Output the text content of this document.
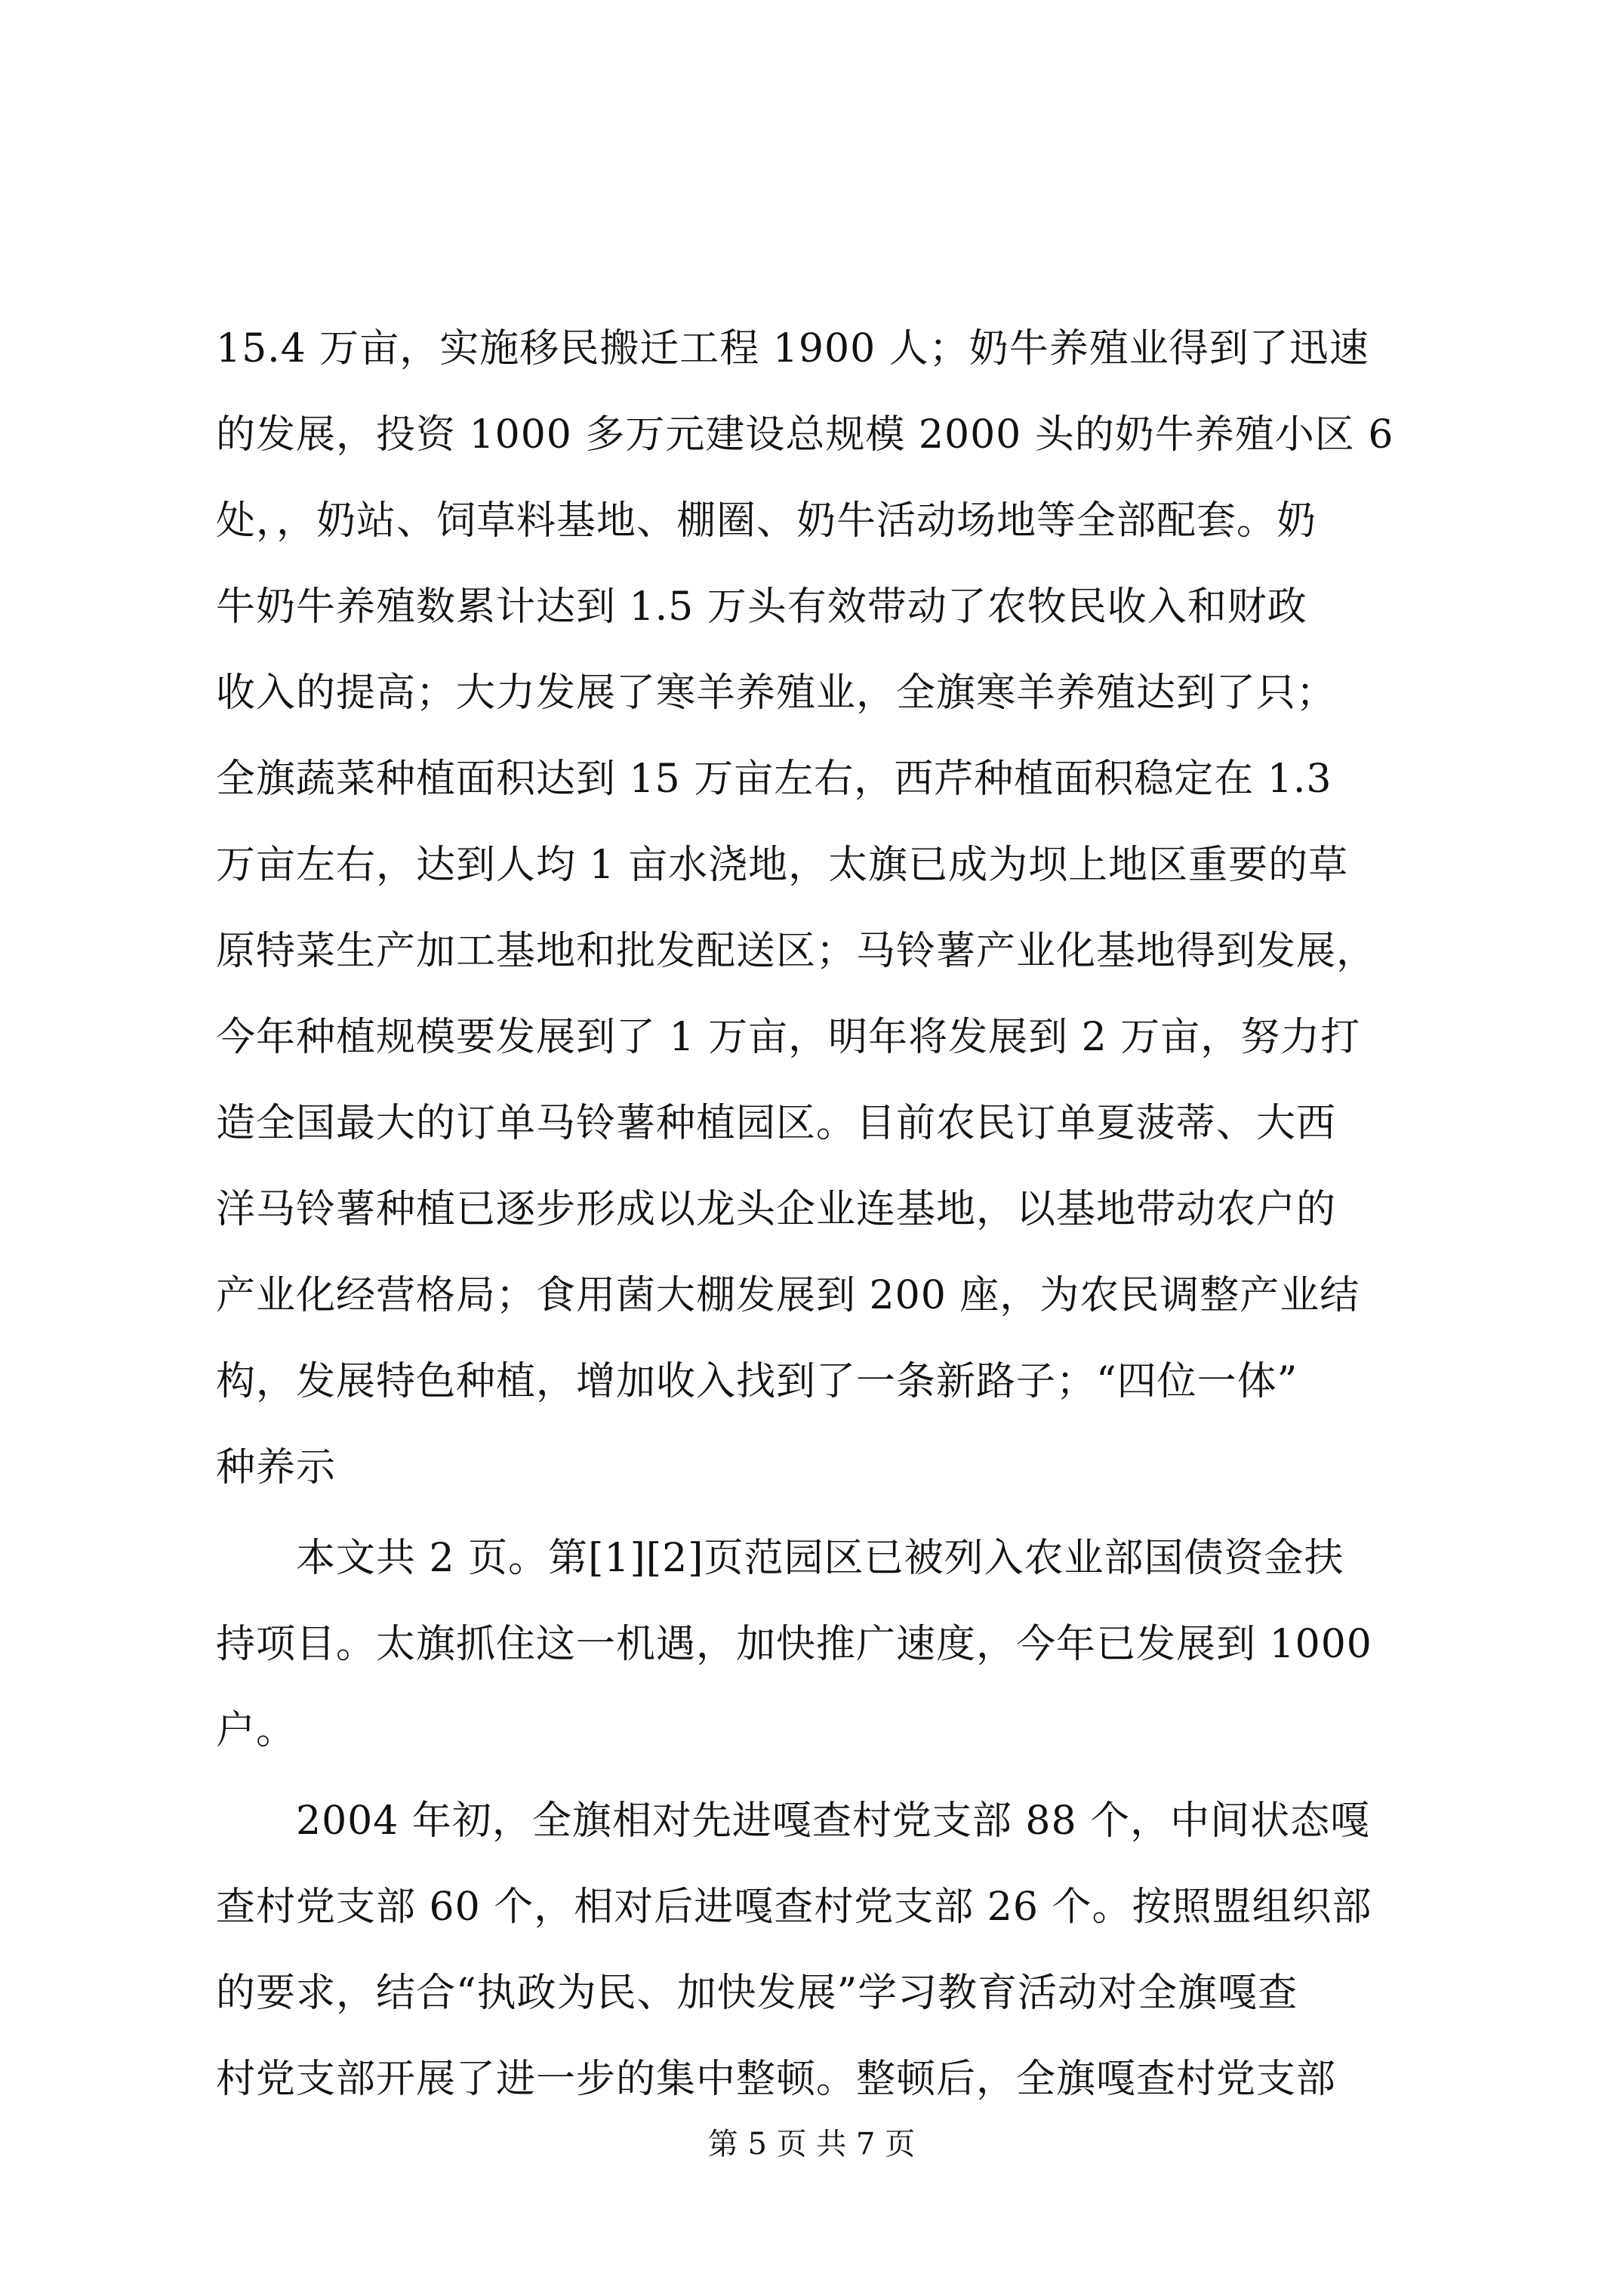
15.4 万亩，实施移民搬迁工程 1900 人；奶牛养殖业得到了迅速
的发展，投资 1000 多万元建设总规模 2000 头的奶牛养殖小区 6
处，，奶站、饲草料基地、棚圈、奶牛活动场地等全部配套。奶
牛奶牛养殖数累计达到 1.5 万头有效带动了农牧民收入和财政
收入的提高；大力发展了寒羊养殖业，全旗寒羊养殖达到了只；
全旗蔬菜种植面积达到 15 万亩左右，西芹种植面积稳定在 1.3
万亩左右，达到人均 1 亩水浇地，太旗已成为坝上地区重要的草
原特菜生产加工基地和批发配送区；马铃薯产业化基地得到发展，
今年种植规模要发展到了 1 万亩，明年将发展到 2 万亩，努力打
造全国最大的订单马铃薯种植园区。目前农民订单夏菠蒂、大西
洋马铃薯种植已逐步形成以龙头企业连基地，以基地带动农户的
产业化经营格局；食用菌大棚发展到 200 座，为农民调整产业结
构，发展特色种植，增加收入找到了一条新路子；“四位一体”
种养示
　　本文共 2 页。第[1][2]页范园区已被列入农业部国债资金扶
持项目。太旗抓住这一机遇，加快推广速度，今年已发展到 1000
户。
　　2004 年初，全旗相对先进嘎查村党支部 88 个，中间状态嘎
查村党支部 60 个，相对后进嘎查村党支部 26 个。按照盟组织部
的要求，结合“执政为民、加快发展”学习教育活动对全旗嘎查
村党支部开展了进一步的集中整顿。整顿后，全旗嘎查村党支部
第 5 页 共 7 页
